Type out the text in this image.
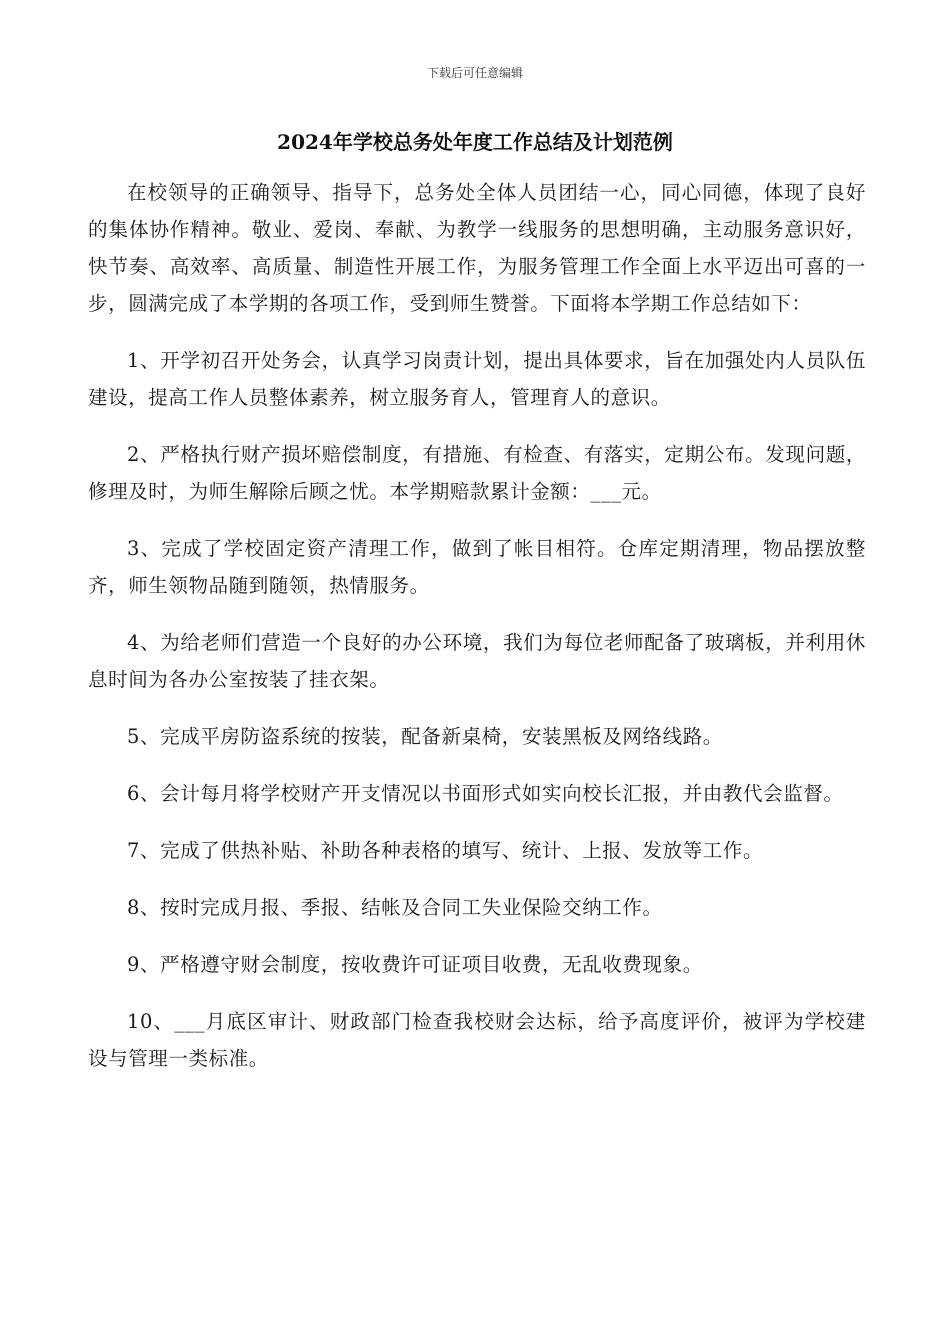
下载后可任意编辑
2024年学校总务处年度工作总结及计划范例

在校领导的正确领导、指导下，总务处全体人员团结一心，同心同德，体现了良好的集体协作精神。敬业、爱岗、奉献、为教学一线服务的思想明确，主动服务意识好，快节奏、高效率、高质量、制造性开展工作，为服务管理工作全面上水平迈出可喜的一步，圆满完成了本学期的各项工作，受到师生赞誉。下面将本学期工作总结如下：

1、开学初召开处务会，认真学习岗责计划，提出具体要求，旨在加强处内人员队伍建设，提高工作人员整体素养，树立服务育人，管理育人的意识。

2、严格执行财产损坏赔偿制度，有措施、有检查、有落实，定期公布。发现问题，修理及时，为师生解除后顾之忧。本学期赔款累计金额：___元。

3、完成了学校固定资产清理工作，做到了帐目相符。仓库定期清理，物品摆放整齐，师生领物品随到随领，热情服务。

4、为给老师们营造一个良好的办公环境，我们为每位老师配备了玻璃板，并利用休息时间为各办公室按装了挂衣架。

5、完成平房防盗系统的按装，配备新桌椅，安装黑板及网络线路。

6、会计每月将学校财产开支情况以书面形式如实向校长汇报，并由教代会监督。

7、完成了供热补贴、补助各种表格的填写、统计、上报、发放等工作。

8、按时完成月报、季报、结帐及合同工失业保险交纳工作。

9、严格遵守财会制度，按收费许可证项目收费，无乱收费现象。

10、___月底区审计、财政部门检查我校财会达标，给予高度评价，被评为学校建设与管理一类标准。
